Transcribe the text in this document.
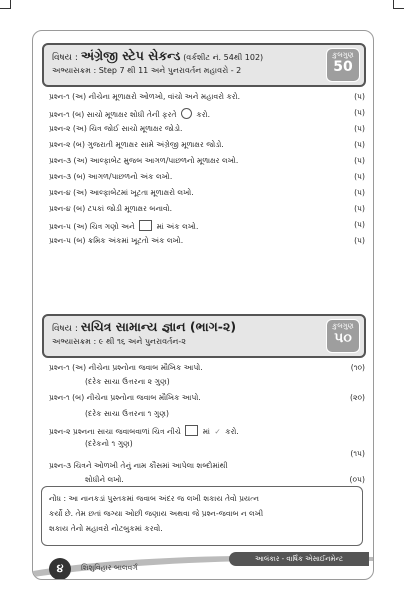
વિષય : અંગ્રેજી સ્ટેપ સેકન્ડ (વર્કશીટ નં. 54થી 102)
અભ્યાસક્રમ : Step 7 થી 11 અને પુનરાવર્તન મહાવરો - 2
કુલગુણ
50
પ્રશ્ન-૧ (અ) નીચેના મૂળાક્ષરો ઓળખો, વાંચો અને મહાવરો કરો.	(૫)
પ્રશ્ન-૧ (બ) સાચો મૂળાક્ષર શોધી તેની ફરતે	કરો.	(૫)
પ્રશ્ન-૨ (અ) ચિત્ર જોઈ સાચો મૂળાક્ષર જોડો.	(૫)
પ્રશ્ન-૨ (બ) ગુજરાતી મૂળાક્ષર સામે અંગ્રેજી મૂળાક્ષર જોડો.	(૫)
પ્રશ્ન-૩ (અ) આલ્ફાબેટ મુજબ આગળ/પાછળનો મૂળાક્ષર લખો.	(૫)
પ્રશ્ન-૩ (બ) આગળ/પાછળનો અંક લખો.	(૫)
પ્રશ્ન-૪ (અ) આલ્ફાબેટમાં ખૂટતા મૂળાક્ષરો લખો.	(૫)
પ્રશ્ન-૪ (બ) ટપકાં જોડી મૂળાક્ષર બનાવો.	(૫)
પ્રશ્ન-૫ (અ) ચિત્ર ગણો અને	માં અંક લખો.	(૫)
પ્રશ્ન-૫ (બ) ક્રમિક અંકમાં ખૂટતો અંક લખો.	(૫)
વિષય : સચિત્ર સામાન્ય જ્ઞાન (ભાગ-૨)
અભ્યાસક્રમ : ૯ થી ૧૬ અને પુનરાવર્તન-૨
કુલગુણ
૫૦
પ્રશ્ન-૧ (અ) નીચેના પ્રશ્નોના જવાબ મૌખિક આપો.	(૧૦)
(દરેક સાચા ઉત્તરના ૨ ગુણ)
પ્રશ્ન-૧ (બ) નીચેના પ્રશ્નોના જવાબ મૌખિક આપો.	(૨૦)
(દરેક સાચા ઉત્તરના ૧ ગુણ)
પ્રશ્ન-૨ પ્રશ્નના સાચા જવાબવાળાં ચિત્ર નીચે	માં ✓ કરો.
(દરેકનો ૧ ગુણ)
(૧૫)
પ્રશ્ન-૩ ચિત્રને ઓળખી તેનું નામ કૌંસમાં આપેલા શબ્દોમાંથી
શોધીને લખો.	(૦૫)
નોંધ : આ નાનકડાં પુસ્તકમાં જવાબ અંદર જ લખી શકાય તેવો પ્રયત્ન
કર્યો છે. તેમ છતાં જગ્યા ઓછી જણાય અથવા જે પ્રશ્ન-જવાબ ન લખી
શકાય તેનો મહાવરો નોટબુકમાં કરવો.
૪	શિશુવિહાર બાલવર્ગ
આલંકાર - વાર્ષિક એસાઈનમેન્ટ
